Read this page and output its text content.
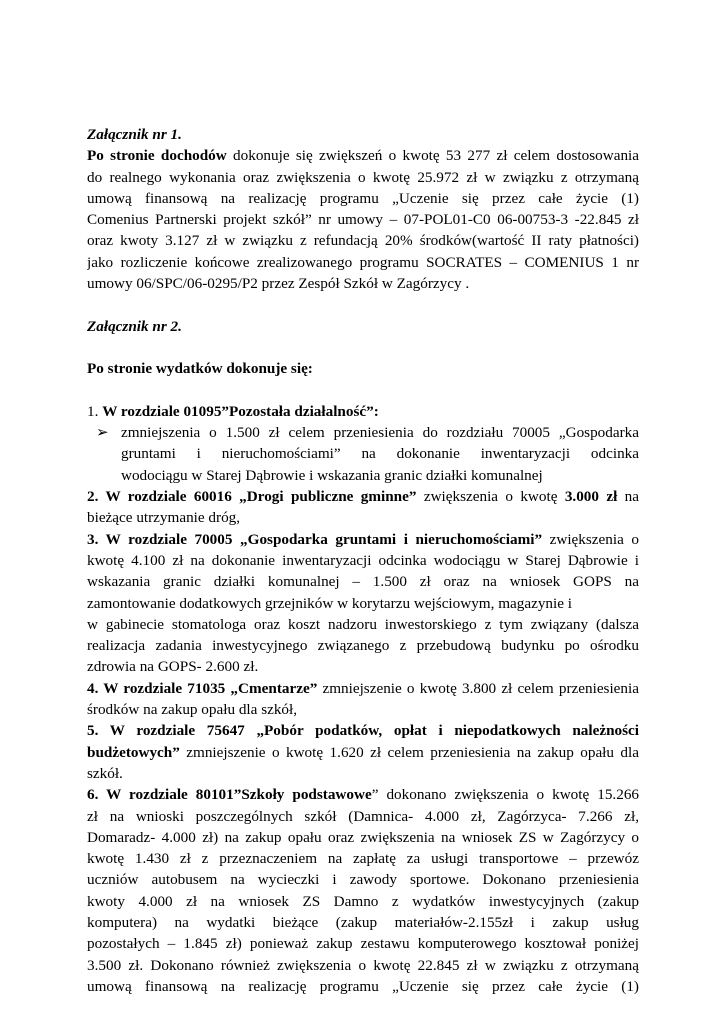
Załącznik nr 1.
Po stronie dochodów dokonuje się zwiększeń o kwotę 53 277 zł celem dostosowania
do realnego wykonania oraz zwiększenia o kwotę 25.972 zł w związku z otrzymaną
umową finansową na realizację programu „Uczenie się przez całe życie (1)
Comenius Partnerski projekt szkół” nr umowy – 07-POL01-C0 06-00753-3 -22.845 zł
oraz kwoty 3.127 zł w związku z refundacją 20% środków(wartość II raty płatności)
jako rozliczenie końcowe zrealizowanego programu SOCRATES – COMENIUS 1 nr
umowy 06/SPC/06-0295/P2 przez Zespół Szkół w Zagórzycy .
Załącznik nr 2.
Po stronie wydatków dokonuje się:
1. W rozdziale 01095”Pozostała działalność”:
➢ zmniejszenia o 1.500 zł celem przeniesienia do rozdziału 70005 „Gospodarka
gruntami i nieruchomościami” na dokonanie inwentaryzacji odcinka
wodociągu w Starej Dąbrowie i wskazania granic działki komunalnej
2. W rozdziale 60016 „Drogi publiczne gminne” zwiększenia o kwotę 3.000 zł na
bieżące utrzymanie dróg,
3. W rozdziale 70005 „Gospodarka gruntami i nieruchomościami” zwiększenia o
kwotę 4.100 zł na dokonanie inwentaryzacji odcinka wodociągu w Starej Dąbrowie i
wskazania granic działki komunalnej – 1.500 zł oraz na wniosek GOPS na
zamontowanie dodatkowych grzejników w korytarzu wejściowym, magazynie i
w gabinecie stomatologa oraz koszt nadzoru inwestorskiego z tym związany (dalsza
realizacja zadania inwestycyjnego związanego z przebudową budynku po ośrodku
zdrowia na GOPS- 2.600 zł.
4. W rozdziale 71035 „Cmentarze” zmniejszenie o kwotę 3.800 zł celem przeniesienia
środków na zakup opału dla szkół,
5. W rozdziale 75647 „Pobór podatków, opłat i niepodatkowych należności
budżetowych” zmniejszenie o kwotę 1.620 zł celem przeniesienia na zakup opału dla
szkół.
6. W rozdziale 80101”Szkoły podstawowe” dokonano zwiększenia o kwotę 15.266
zł na wnioski poszczególnych szkół (Damnica- 4.000 zł, Zagórzyca- 7.266 zł,
Domaradz- 4.000 zł) na zakup opału oraz zwiększenia na wniosek ZS w Zagórzycy o
kwotę 1.430 zł z przeznaczeniem na zapłatę za usługi transportowe – przewóz
uczniów autobusem na wycieczki i zawody sportowe. Dokonano przeniesienia
kwoty 4.000 zł na wniosek ZS Damno z wydatków inwestycyjnych (zakup
komputera) na wydatki bieżące (zakup materiałów-2.155zł i zakup usług
pozostałych – 1.845 zł) ponieważ zakup zestawu komputerowego kosztował poniżej
3.500 zł. Dokonano również zwiększenia o kwotę 22.845 zł w związku z otrzymaną
umową finansową na realizację programu „Uczenie się przez całe życie (1)
